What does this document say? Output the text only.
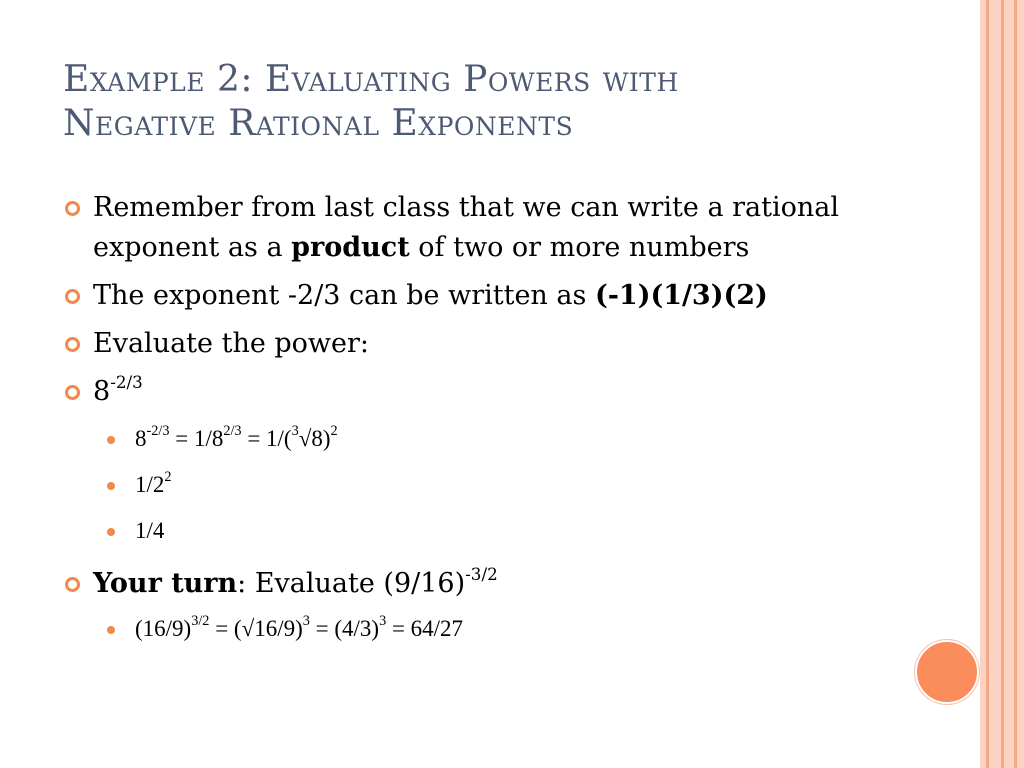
Example 2: Evaluating Powers with
Negative Rational Exponents
Remember from last class that we can write a rational exponent as a product of two or more numbers
The exponent -2/3 can be written as (-1)(1/3)(2)
Evaluate the power:
$8^{-2/3}$
$8^{-2/3} = 1/8^{2/3} = 1/(^3√8)^2$
$1/2^2$
1/4
Your turn: Evaluate $(9/16)^{-3/2}$
$(16/9)^{3/2} = (√16/9)^3 = (4/3)^3 = 64/27$
